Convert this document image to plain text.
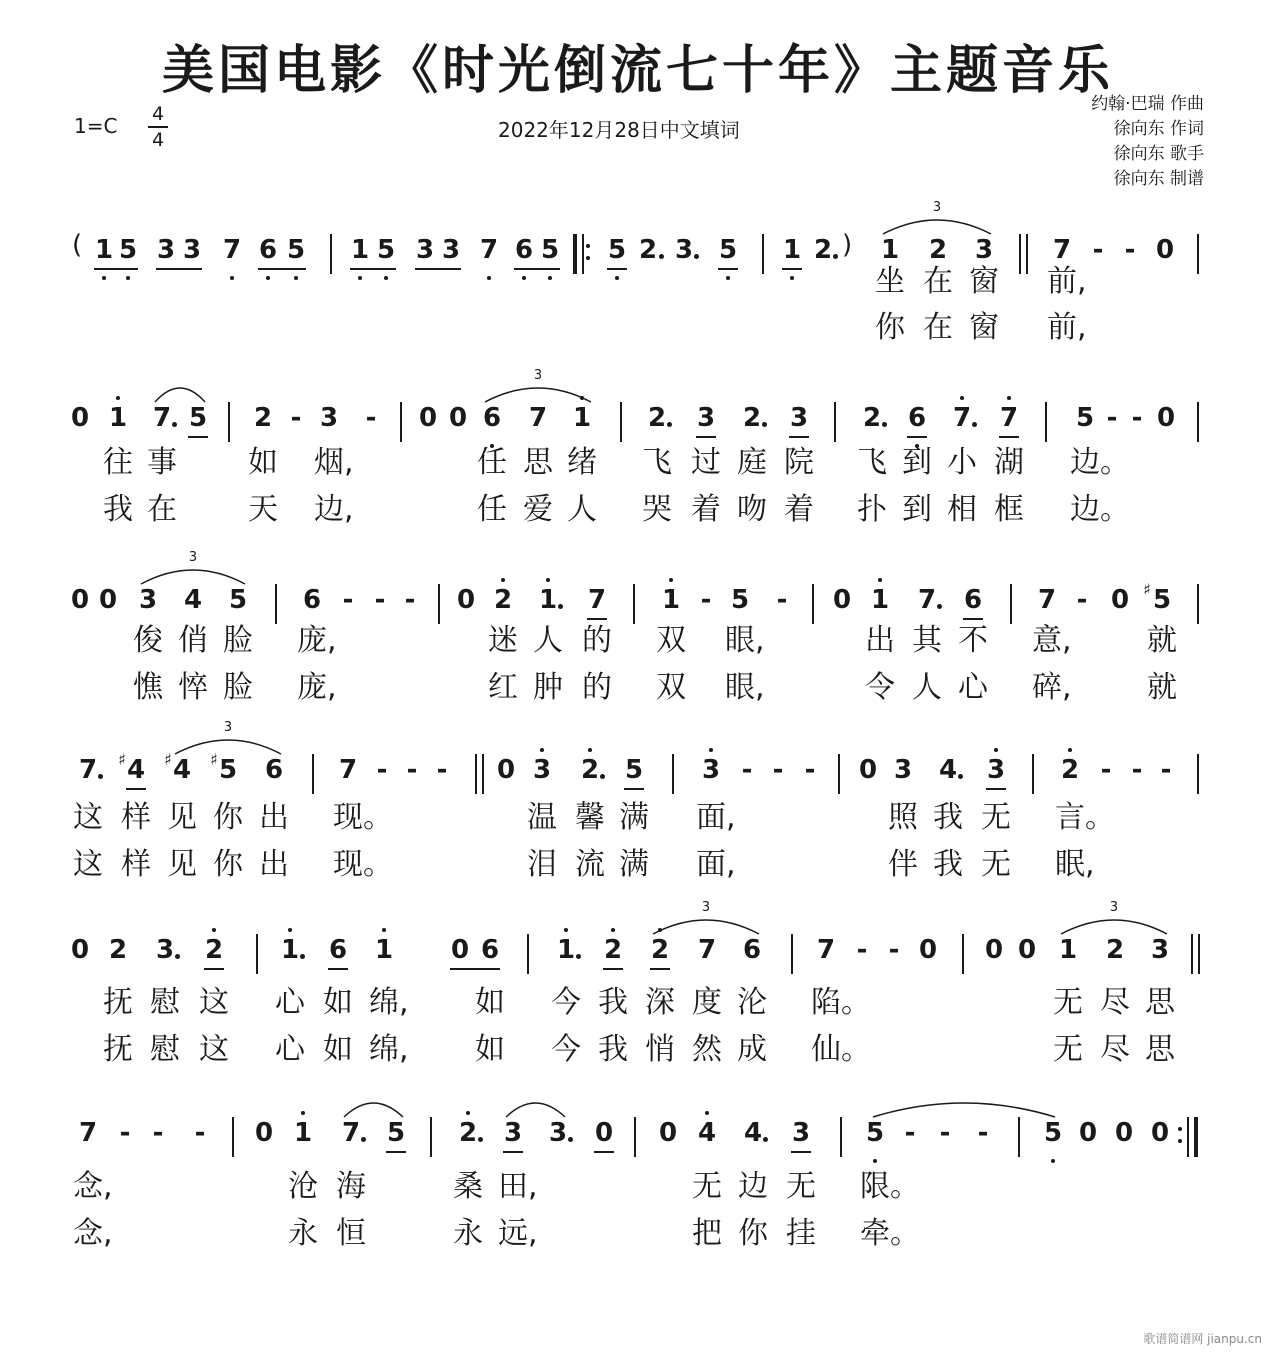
美国电影《时光倒流七十年》主题音乐
1=C	4
4	2022年12月28日中文填词
约翰·巴瑞 作曲
徐向东 作词
徐向东 歌手
徐向东 制谱
1 5 3 3 7 6 5 1 5 3 3 7 6 5 5 2 3 5 1 2 1 2 3 7 - - 0
(	)
3
坐 在 窗 前,
你 在 窗 前,
0 1 7 5 2 - 3 - 0 0 6 7 1 2 3 2 3 2 6 7 7 5 - - 0
3
往 事 如 烟,	任 思 绪 飞 过 庭 院 飞 到 小 湖 边。
我 在 天 边,	任 爱 人 哭 着 吻 着 扑 到 相 框 边。
0 0 3 4 5 6 - - - 0 2 1 7 1 - 5 - 0 1 7 6 7 - 0 5
♯
3
俊 俏 脸 庞,	迷 人 的 双 眼,	出 其 不 意,	就
憔 悴 脸 庞,	红 肿 的 双 眼,	令 人 心 碎,	就
7 4 4 5 6 7 - - - 0 3 2 5 3 - - - 0 3 4 3 2 - - -
♯ ♯ ♯
3
这 样 见 你 出 现。	温 馨 满 面,	照 我 无 言。
这 样 见 你 出 现。	泪 流 满 面,	伴 我 无 眠,
0 2 3 2 1 6 1 0 6 1 2 2 7 6 7 - - 0 0 0 1 2 3
3	3
抚 慰 这 心 如 绵, 如 今 我 深 度 沦 陷。	无 尽 思
抚 慰 这 心 如 绵, 如 今 我 悄 然 成 仙。	无 尽 思
7 - - - 0 1 7 5 2 3 3 0 0 4 4 3 5 - - - 5 0 0 0
念,	沧 海	桑 田,	无 边 无 限。
念,	永 恒	永 远,	把 你 挂 牵。
歌谱简谱网 jianpu.cn
